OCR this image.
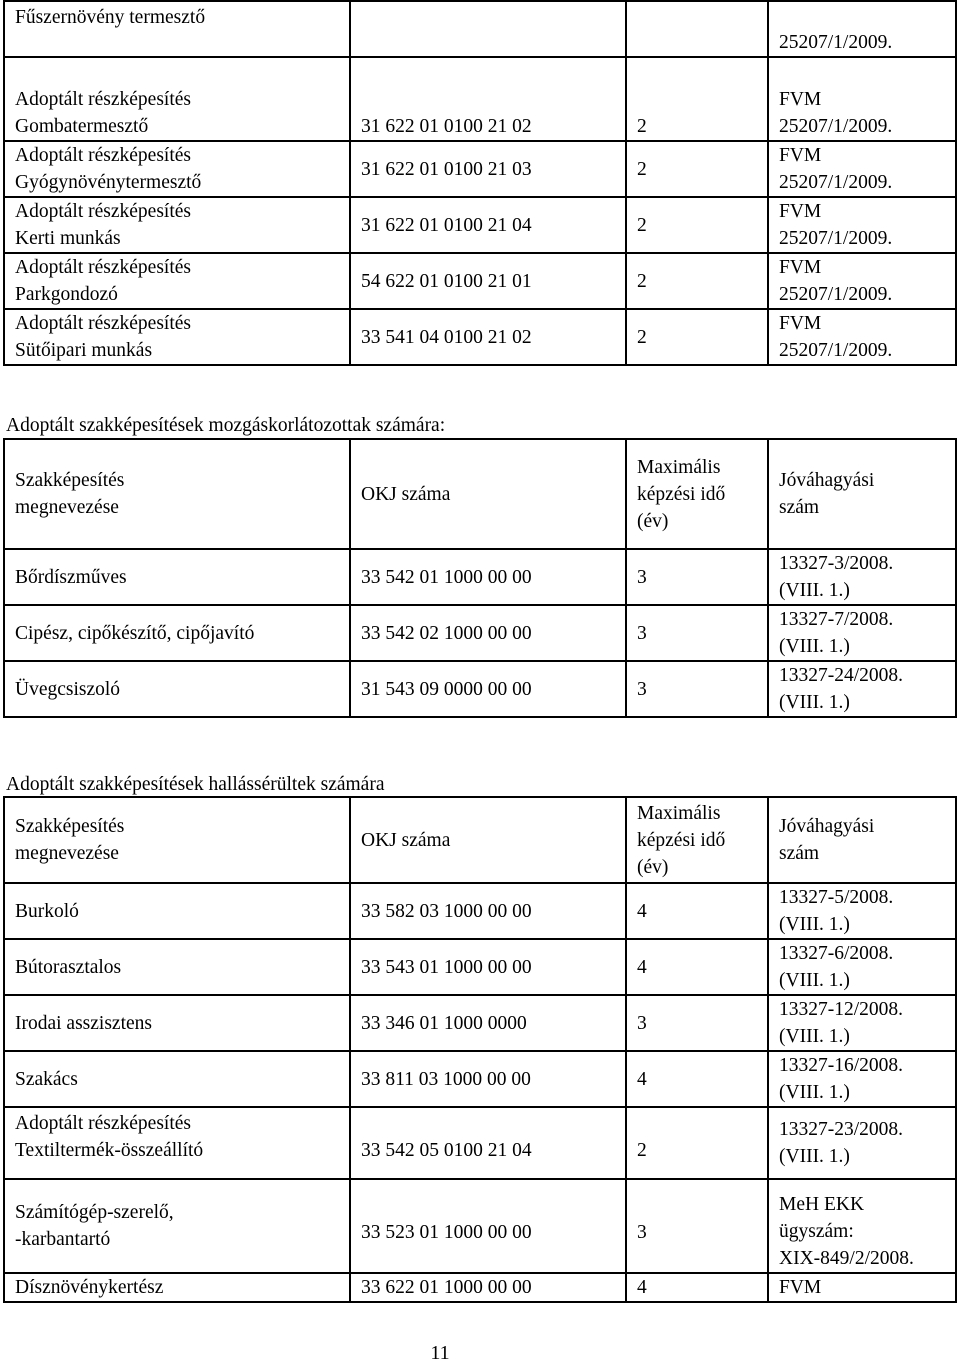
Fűszernövény termesztő			25207/1/2009.

Adoptált részképesítés
Gombatermesztő	31 622 01 0100 21 02	2	FVM
25207/1/2009.

Adoptált részképesítés
Gyógynövénytermesztő	31 622 01 0100 21 03	2	FVM
25207/1/2009.

Adoptált részképesítés
Kerti munkás	31 622 01 0100 21 04	2	FVM
25207/1/2009.

Adoptált részképesítés
Parkgondozó	54 622 01 0100 21 01	2	FVM
25207/1/2009.

Adoptált részképesítés
Sütőipari munkás	33 541 04 0100 21 02	2	FVM
25207/1/2009.
Adoptált szakképesítések mozgáskorlátozottak számára:
Szakképesítés
megnevezése	OKJ száma	Maximális
képzési idő
(év)	Jóváhagyási
szám

Bőrdíszműves	33 542 01 1000 00 00	3	13327-3/2008.
(VIII. 1.)

Cipész, cipőkészítő, cipőjavító	33 542 02 1000 00 00	3	13327-7/2008.
(VIII. 1.)

Üvegcsiszoló	31 543 09 0000 00 00	3	13327-24/2008.
(VIII. 1.)
Adoptált szakképesítések hallássérültek számára
Szakképesítés
megnevezése	OKJ száma	Maximális
képzési idő
(év)	Jóváhagyási
szám

Burkoló	33 582 03 1000 00 00	4	13327-5/2008.
(VIII. 1.)

Bútorasztalos	33 543 01 1000 00 00	4	13327-6/2008.
(VIII. 1.)

Irodai asszisztens	33 346 01 1000 0000	3	13327-12/2008.
(VIII. 1.)

Szakács	33 811 03 1000 00 00	4	13327-16/2008.
(VIII. 1.)

Adoptált részképesítés
Textiltermék-összeállító	33 542 05 0100 21 04	2	13327-23/2008.
(VIII. 1.)

Számítógép-szerelő,
-karbantartó	33 523 01 1000 00 00	3	MeH EKK
ügyszám:
XIX-849/2/2008.

Dísznövénykertész	33 622 01 1000 00 00	4	FVM
11
